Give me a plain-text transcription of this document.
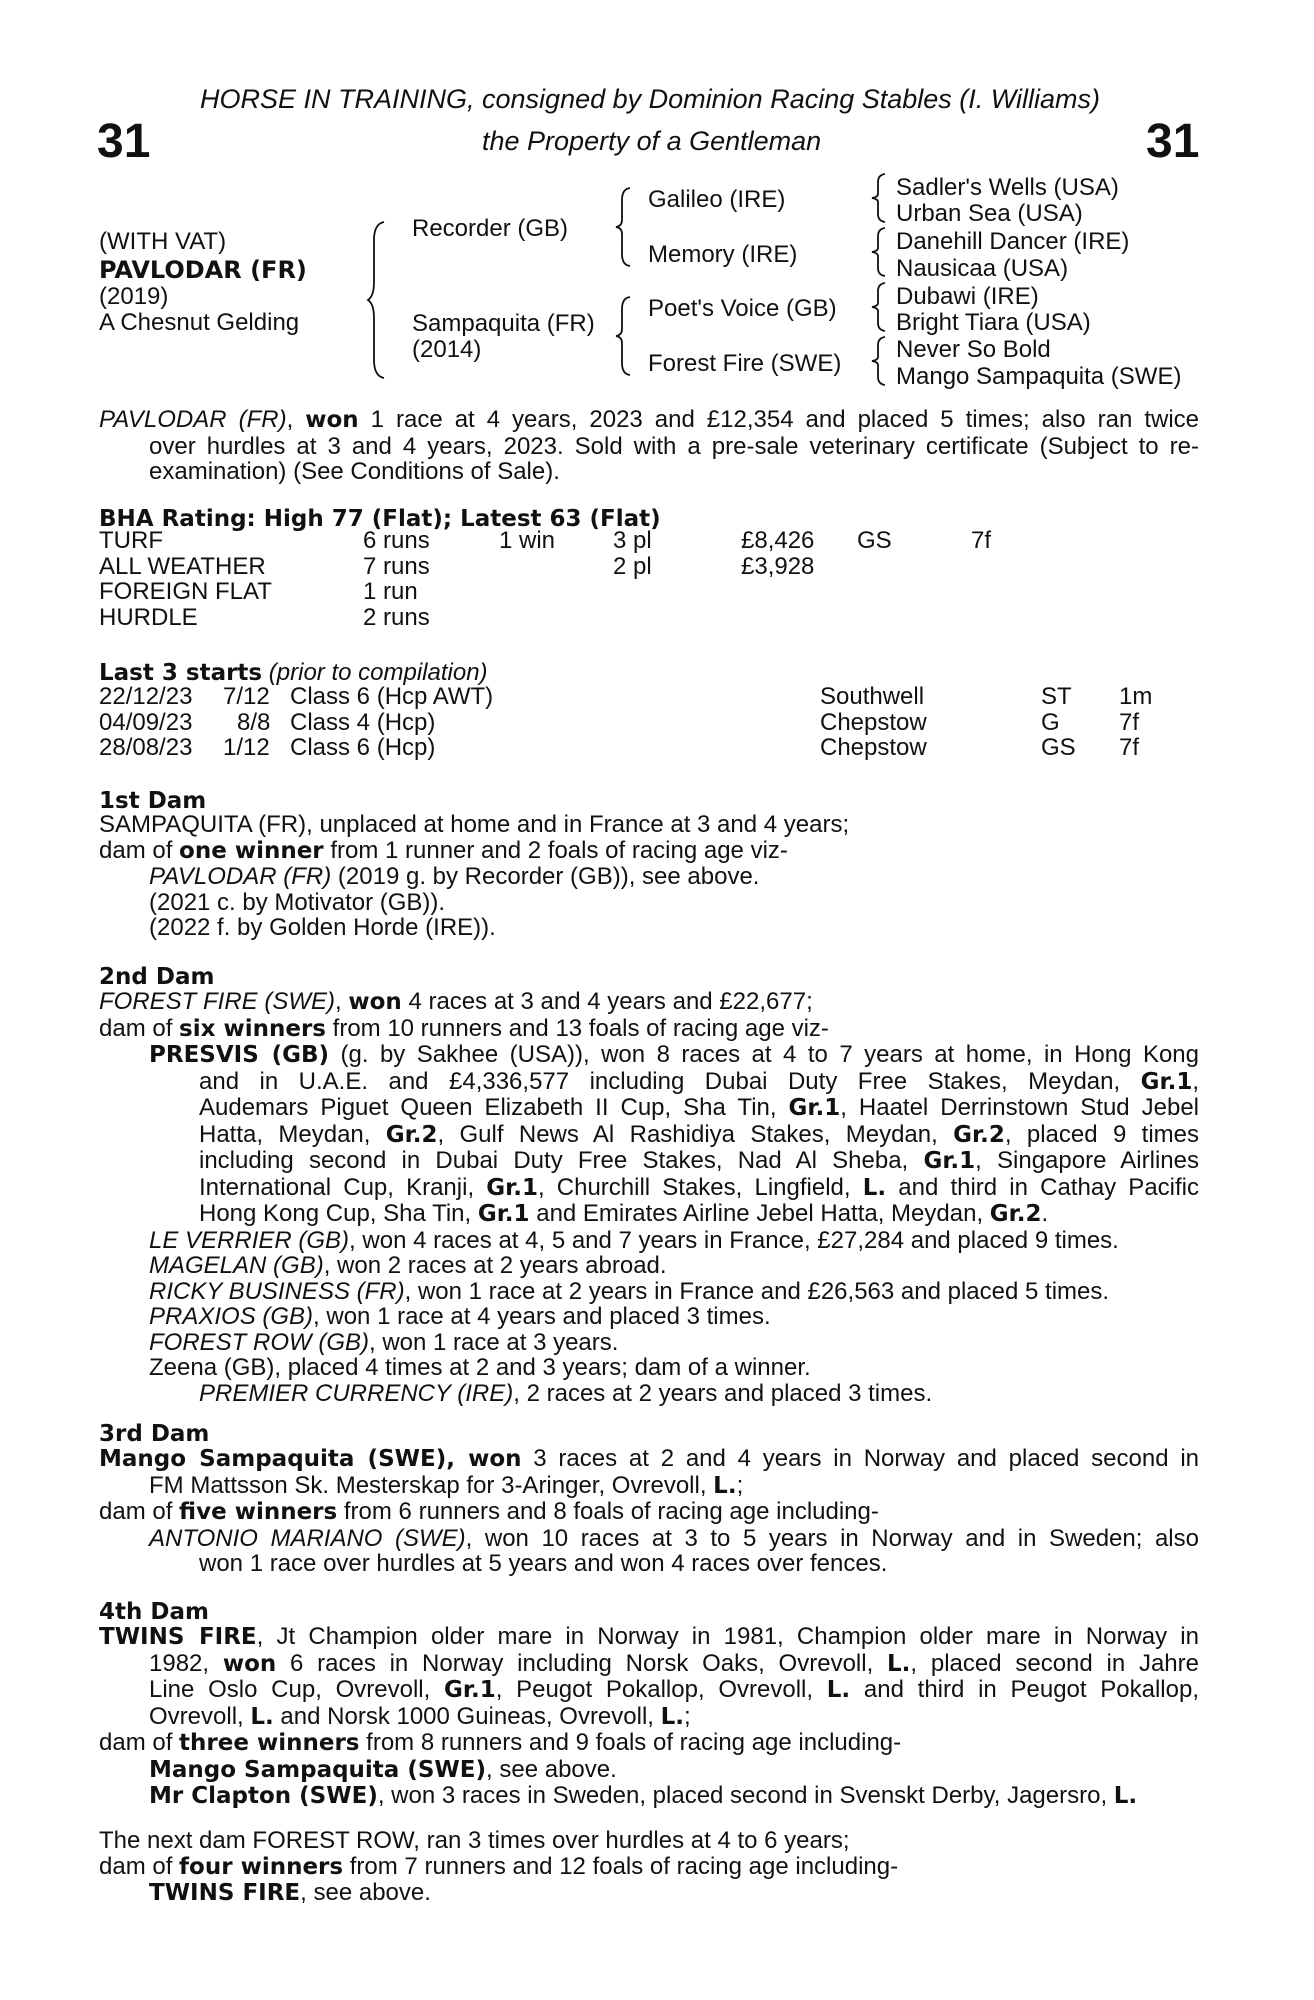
HORSE IN TRAINING, consigned by Dominion Racing Stables (I. Williams)
the Property of a Gentleman
31	31
(WITH VAT)
PAVLODAR (FR)
(2019)
A Chesnut Gelding
Recorder (GB)
Sampaquita (FR)
(2014)
Galileo (IRE)
Memory (IRE)
Poet's Voice (GB)
Forest Fire (SWE)
Sadler's Wells (USA)
Urban Sea (USA)
Danehill Dancer (IRE)
Nausicaa (USA)
Dubawi (IRE)
Bright Tiara (USA)
Never So Bold
Mango Sampaquita (SWE)
PAVLODAR (FR), won 1 race at 4 years, 2023 and £12,354 and placed 5 times; also ran twice
over hurdles at 3 and 4 years, 2023. Sold with a pre-sale veterinary certificate (Subject to re-
examination) (See Conditions of Sale).
BHA Rating: High 77 (Flat); Latest 63 (Flat)
TURF	6 runs	1 win 3 pl	£8,426 GS	7f
ALL WEATHER	7 runs	2 pl	£3,928
FOREIGN FLAT	1 run
HURDLE	2 runs
Last 3 starts (prior to compilation)
22/12/23 7/12 Class 6 (Hcp AWT)	Southwell	ST 1m
04/09/23 8/8 Class 4 (Hcp)	Chepstow	G 7f
28/08/23 1/12 Class 6 (Hcp)	Chepstow	GS 7f
1st Dam
SAMPAQUITA (FR), unplaced at home and in France at 3 and 4 years;
dam of one winner from 1 runner and 2 foals of racing age viz-
PAVLODAR (FR) (2019 g. by Recorder (GB)), see above.
(2021 c. by Motivator (GB)).
(2022 f. by Golden Horde (IRE)).
2nd Dam
FOREST FIRE (SWE), won 4 races at 3 and 4 years and £22,677;
dam of six winners from 10 runners and 13 foals of racing age viz-
PRESVIS (GB) (g. by Sakhee (USA)), won 8 races at 4 to 7 years at home, in Hong Kong
and in U.A.E. and £4,336,577 including Dubai Duty Free Stakes, Meydan, Gr.1,
Audemars Piguet Queen Elizabeth II Cup, Sha Tin, Gr.1, Haatel Derrinstown Stud Jebel
Hatta, Meydan, Gr.2, Gulf News Al Rashidiya Stakes, Meydan, Gr.2, placed 9 times
including second in Dubai Duty Free Stakes, Nad Al Sheba, Gr.1, Singapore Airlines
International Cup, Kranji, Gr.1, Churchill Stakes, Lingfield, L. and third in Cathay Pacific
Hong Kong Cup, Sha Tin, Gr.1 and Emirates Airline Jebel Hatta, Meydan, Gr.2.
LE VERRIER (GB), won 4 races at 4, 5 and 7 years in France, £27,284 and placed 9 times.
MAGELAN (GB), won 2 races at 2 years abroad.
RICKY BUSINESS (FR), won 1 race at 2 years in France and £26,563 and placed 5 times.
PRAXIOS (GB), won 1 race at 4 years and placed 3 times.
FOREST ROW (GB), won 1 race at 3 years.
Zeena (GB), placed 4 times at 2 and 3 years; dam of a winner.
PREMIER CURRENCY (IRE), 2 races at 2 years and placed 3 times.
3rd Dam
Mango Sampaquita (SWE), won 3 races at 2 and 4 years in Norway and placed second in
FM Mattsson Sk. Mesterskap for 3-Aringer, Ovrevoll, L.;
dam of five winners from 6 runners and 8 foals of racing age including-
ANTONIO MARIANO (SWE), won 10 races at 3 to 5 years in Norway and in Sweden; also
won 1 race over hurdles at 5 years and won 4 races over fences.
4th Dam
TWINS FIRE, Jt Champion older mare in Norway in 1981, Champion older mare in Norway in
1982, won 6 races in Norway including Norsk Oaks, Ovrevoll, L., placed second in Jahre
Line Oslo Cup, Ovrevoll, Gr.1, Peugot Pokallop, Ovrevoll, L. and third in Peugot Pokallop,
Ovrevoll, L. and Norsk 1000 Guineas, Ovrevoll, L.;
dam of three winners from 8 runners and 9 foals of racing age including-
Mango Sampaquita (SWE), see above.
Mr Clapton (SWE), won 3 races in Sweden, placed second in Svenskt Derby, Jagersro, L.
The next dam FOREST ROW, ran 3 times over hurdles at 4 to 6 years;
dam of four winners from 7 runners and 12 foals of racing age including-
TWINS FIRE, see above.
